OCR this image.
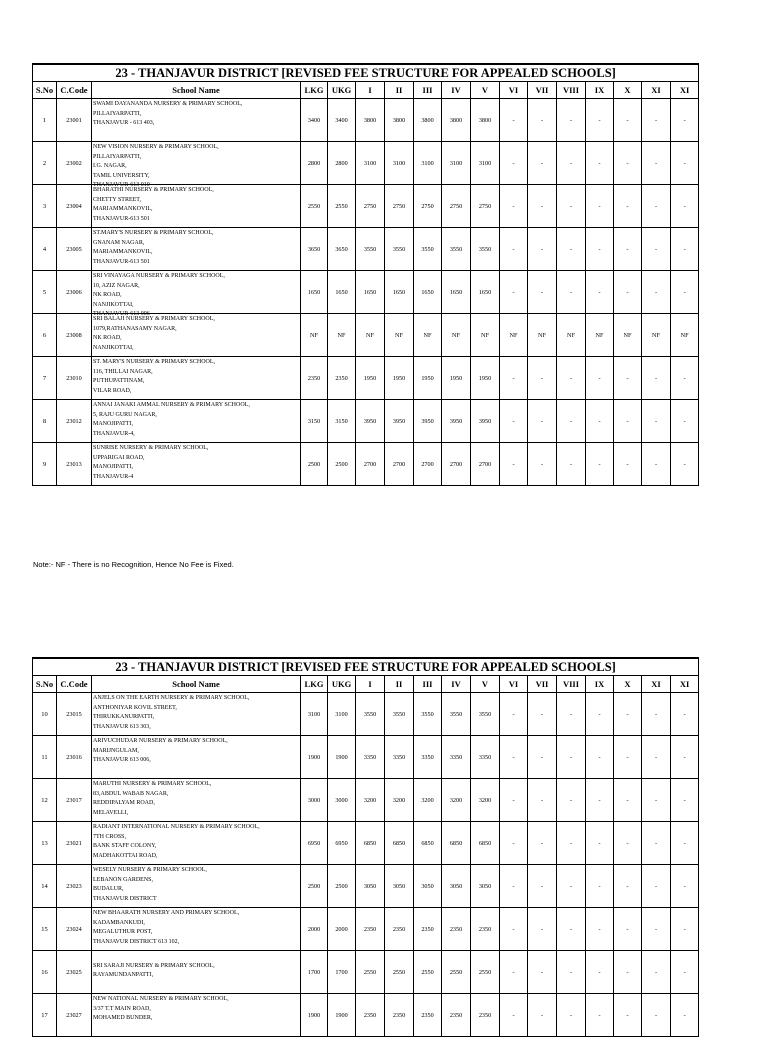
23 - THANJAVUR DISTRICT [REVISED FEE STRUCTURE FOR APPEALED SCHOOLS]																
S.No	C.Code	School Name	LKG	UKG	I	II	III	IV	V	VI	VII	VIII	IX	X	XI	XI
1	23001	SWAMI DAYANANDA NURSERY & PRIMARY SCHOOL,
PILLAIYARPATTI,
THANJAVUR - 613 403,	3400	3400	3800	3800	3800	3800	3800	-	-	-	-	-	-	-
2	23002	NEW VISION NURSERY & PRIMARY SCHOOL,
PILLAIYARPATTI,
I.G. NAGAR,
TAMIL UNIVERSITY,
THANJAVUR-613 010	2800	2800	3100	3100	3100	3100	3100	-	-	-	-	-	-	-
3	23004	BHARATHI NURSERY & PRIMARY SCHOOL,
CHETTY STREET,
MARIAMMANKOVIL,
THANJAVUR-613 501	2550	2550	2750	2750	2750	2750	2750	-	-	-	-	-	-	-
4	23005	ST.MARY'S NURSERY & PRIMARY SCHOOL,
GNANAM NAGAR,
MARIAMMANKOVIL,
THANJAVUR-613 501	3650	3650	3550	3550	3550	3550	3550	-	-	-	-	-	-	-
5	23006	SRI VINAYAGA NURSERY & PRIMARY SCHOOL,
10, AZIZ NAGAR,
NK ROAD,
NANJIKOTTAI,
THANJAVUR-613 006	1650	1650	1650	1650	1650	1650	1650	-	-	-	-	-	-	-
6	23008	SRI BALAJI NURSERY & PRIMARY SCHOOL,
1079,RATHANASAMY NAGAR,
NK ROAD,
NANJIKOTTAI,	NF	NF	NF	NF	NF	NF	NF	NF	NF	NF	NF	NF	NF	NF
7	23010	ST. MARY'S NURSERY & PRIMARY SCHOOL,
116, THILLAI NAGAR,
PUTHUPATTINAM,
VILAR ROAD,	2350	2350	1950	1950	1950	1950	1950	-	-	-	-	-	-	-
8	23012	ANNAI JANAKI AMMAL NURSERY & PRIMARY SCHOOL,
5, RAJU GURU NAGAR,
MANOJIPATTI,
THANJAVUR-4,	3150	3150	3950	3950	3950	3950	3950	-	-	-	-	-	-	-
9	23013	SUNRISE NURSERY & PRIMARY SCHOOL,
UPPARIGAI ROAD,
MANOJIPATTI,
THANJAVUR-4	2500	2500	2700	2700	2700	2700	2700	-	-	-	-	-	-	-
Note:- NF - There is no Recognition, Hence No Fee is Fixed.
23 - THANJAVUR DISTRICT [REVISED FEE STRUCTURE FOR APPEALED SCHOOLS]																
S.No	C.Code	School Name	LKG	UKG	I	II	III	IV	V	VI	VII	VIII	IX	X	XI	XI
10	23015	ANJELS ON THE EARTH NURSERY & PRIMARY SCHOOL,
ANTHONIYAR KOVIL STREET,
THIRUKKANURPATTI,
THANJAVUR 613 303,	3100	3100	3550	3550	3550	3550	3550	-	-	-	-	-	-	-
11	23016	ARIVUCHUDAR NURSERY & PRIMARY SCHOOL,
MARIJNGULAM,
THANJAVUR 613 006,	1900	1900	3350	3350	3350	3350	3350	-	-	-	-	-	-	-
12	23017	MARUTHI NURSERY & PRIMARY SCHOOL,
83,ABDUL WABAB NAGAR,
REDDIPALYAM ROAD,
MELAVELLI,	3000	3000	3200	3200	3200	3200	3200	-	-	-	-	-	-	-
13	23021	RADIANT INTERNATIONAL NURSERY & PRIMARY SCHOOL,
7TH CROSS,
BANK STAFF COLONY,
MADHAKOTTAI ROAD,	6950	6950	6850	6850	6850	6850	6850	-	-	-	-	-	-	-
14	23023	WESELY NURSERY & PRIMARY SCHOOL,
LEBANON GARDENS,
BUDALUR,
THANJAVUR DISTRICT	2500	2500	3050	3050	3050	3050	3050	-	-	-	-	-	-	-
15	23024	NEW BHAARATH NURSERY AND PRIMARY SCHOOL,
KADAMBANKUDI,
MEGALUTHUR POST,
THANJAVUR DISTRICT 613 102,	2000	2000	2350	2350	2350	2350	2350	-	-	-	-	-	-	-
16	23025	SRI SARAJI NURSERY & PRIMARY SCHOOL,
RAYAMUNDANPATTI,	1700	1700	2550	2550	2550	2550	2550	-	-	-	-	-	-	-
17	23027	NEW NATIONAL NURSERY & PRIMARY SCHOOL,
3/37 T.T MAIN ROAD,
MOHAMED BUNDER,	1900	1900	2350	2350	2350	2350	2350	-	-	-	-	-	-	-
